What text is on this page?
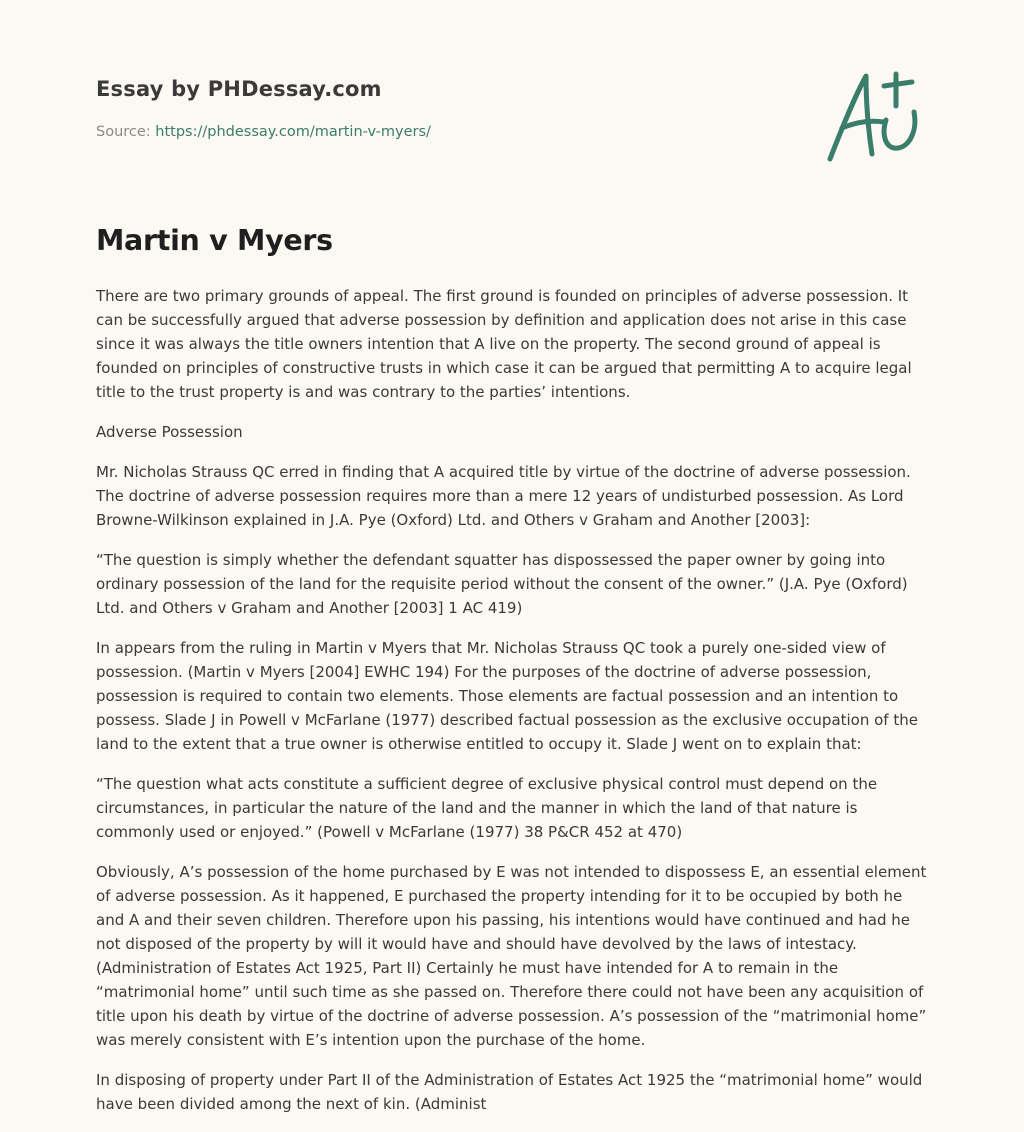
Essay by PHDessay.com
Source: https://phdessay.com/martin-v-myers/
Martin v Myers

There are two primary grounds of appeal. The first ground is founded on principles of adverse possession. It can be successfully argued that adverse possession by definition and application does not arise in this case since it was always the title owners intention that A live on the property. The second ground of appeal is founded on principles of constructive trusts in which case it can be argued that permitting A to acquire legal title to the trust property is and was contrary to the parties’ intentions.

Adverse Possession

Mr. Nicholas Strauss QC erred in finding that A acquired title by virtue of the doctrine of adverse possession. The doctrine of adverse possession requires more than a mere 12 years of undisturbed possession. As Lord Browne-Wilkinson explained in J.A. Pye (Oxford) Ltd. and Others v Graham and Another [2003]:

“The question is simply whether the defendant squatter has dispossessed the paper owner by going into ordinary possession of the land for the requisite period without the consent of the owner.” (J.A. Pye (Oxford) Ltd. and Others v Graham and Another [2003] 1 AC 419)

In appears from the ruling in Martin v Myers that Mr. Nicholas Strauss QC took a purely one-sided view of possession. (Martin v Myers [2004] EWHC 194) For the purposes of the doctrine of adverse possession, possession is required to contain two elements. Those elements are factual possession and an intention to possess. Slade J in Powell v McFarlane (1977) described factual possession as the exclusive occupation of the land to the extent that a true owner is otherwise entitled to occupy it. Slade J went on to explain that:

“The question what acts constitute a sufficient degree of exclusive physical control must depend on the circumstances, in particular the nature of the land and the manner in which the land of that nature is commonly used or enjoyed.” (Powell v McFarlane (1977) 38 P&CR 452 at 470)

Obviously, A’s possession of the home purchased by E was not intended to dispossess E, an essential element of adverse possession. As it happened, E purchased the property intending for it to be occupied by both he and A and their seven children. Therefore upon his passing, his intentions would have continued and had he not disposed of the property by will it would have and should have devolved by the laws of intestacy. (Administration of Estates Act 1925, Part II) Certainly he must have intended for A to remain in the “matrimonial home” until such time as she passed on. Therefore there could not have been any acquisition of title upon his death by virtue of the doctrine of adverse possession. A’s possession of the “matrimonial home” was merely consistent with E’s intention upon the purchase of the home.

In disposing of property under Part II of the Administration of Estates Act 1925 the “matrimonial home” would have been divided among the next of kin. (Administ
